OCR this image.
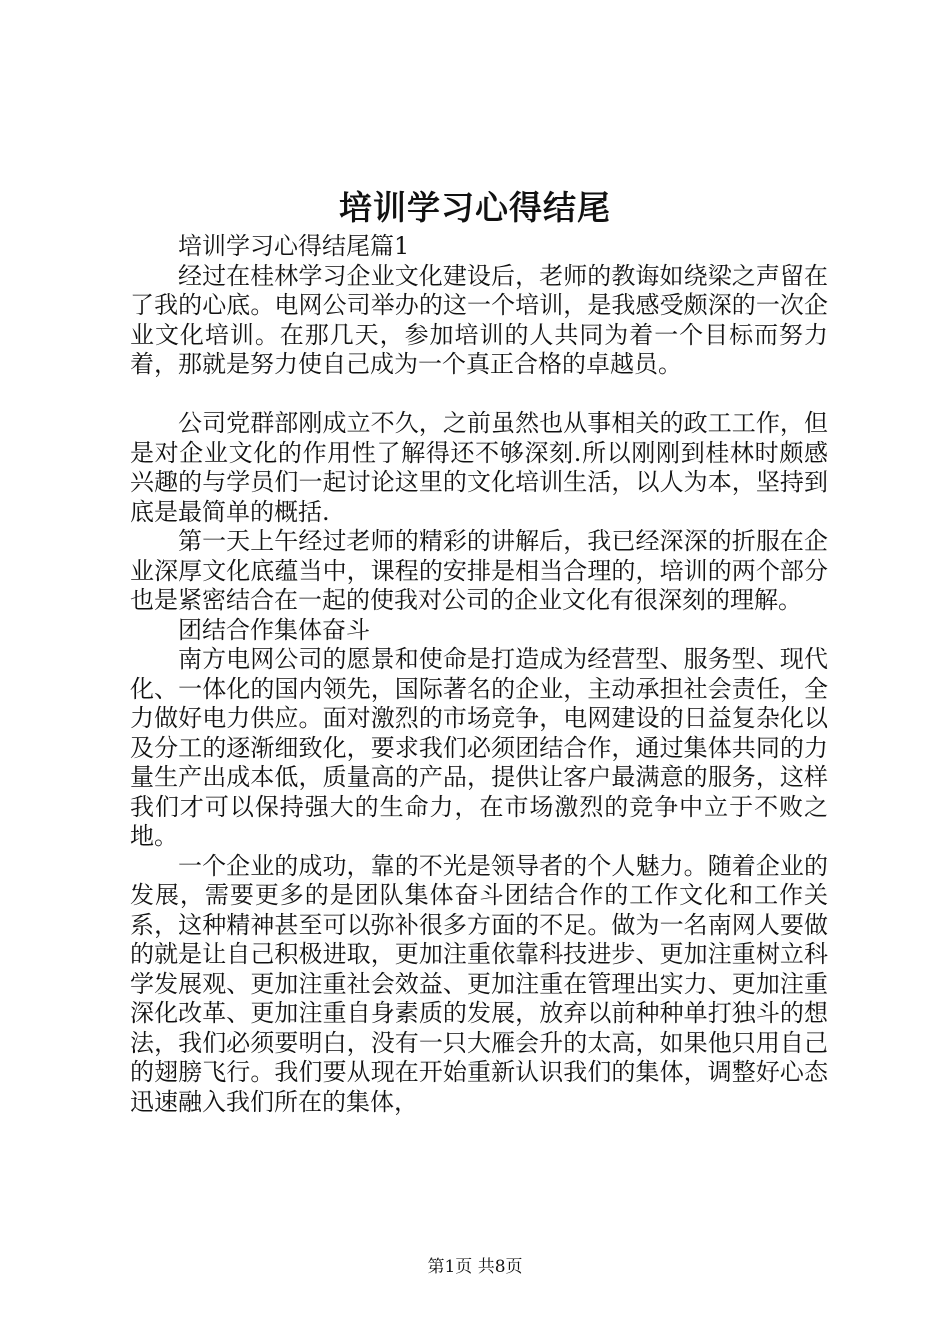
培训学习心得结尾

培训学习心得结尾篇1

经过在桂林学习企业文化建设后，老师的教诲如绕梁之声留在了我的心底。电网公司举办的这一个培训，是我感受颇深的一次企业文化培训。在那几天，参加培训的人共同为着一个目标而努力着，那就是努力使自己成为一个真正合格的卓越员。

公司党群部刚成立不久，之前虽然也从事相关的政工工作，但是对企业文化的作用性了解得还不够深刻.所以刚刚到桂林时颇感兴趣的与学员们一起讨论这里的文化培训生活，以人为本，坚持到底是最简单的概括.

第一天上午经过老师的精彩的讲解后，我已经深深的折服在企业深厚文化底蕴当中，课程的安排是相当合理的，培训的两个部分也是紧密结合在一起的使我对公司的企业文化有很深刻的理解。

团结合作集体奋斗

南方电网公司的愿景和使命是打造成为经营型、服务型、现代化、一体化的国内领先，国际著名的企业，主动承担社会责任，全力做好电力供应。面对激烈的市场竞争，电网建设的日益复杂化以及分工的逐渐细致化，要求我们必须团结合作，通过集体共同的力量生产出成本低，质量高的产品，提供让客户最满意的服务，这样我们才可以保持强大的生命力，在市场激烈的竞争中立于不败之地。

一个企业的成功，靠的不光是领导者的个人魅力。随着企业的发展，需要更多的是团队集体奋斗团结合作的工作文化和工作关系，这种精神甚至可以弥补很多方面的不足。做为一名南网人要做的就是让自己积极进取，更加注重依靠科技进步、更加注重树立科学发展观、更加注重社会效益、更加注重在管理出实力、更加注重深化改革、更加注重自身素质的发展，放弃以前种种单打独斗的想法，我们必须要明白，没有一只大雁会升的太高，如果他只用自己的翅膀飞行。我们要从现在开始重新认识我们的集体，调整好心态迅速融入我们所在的集体，

第1页 共8页
